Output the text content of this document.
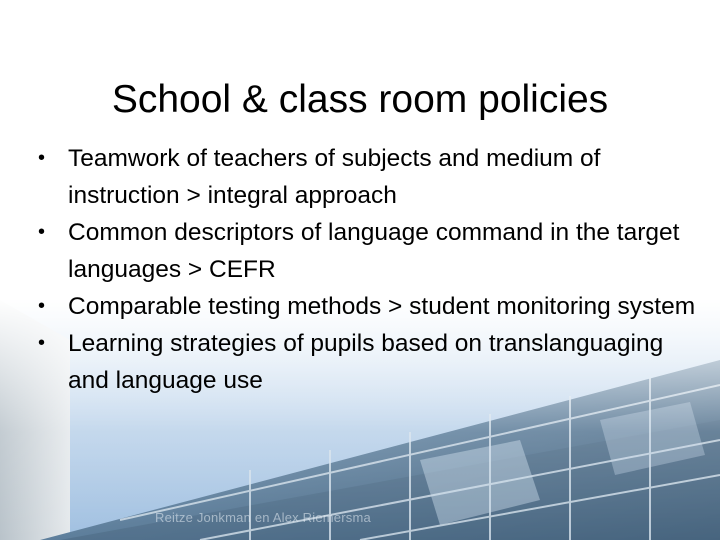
School & class room policies
• Teamwork of teachers of subjects and medium of instruction > integral approach
• Common descriptors of language command in the target languages > CEFR
• Comparable testing methods > student monitoring system
• Learning strategies of pupils based on translanguaging and language use
Reitze Jonkman en Alex Riemersma
